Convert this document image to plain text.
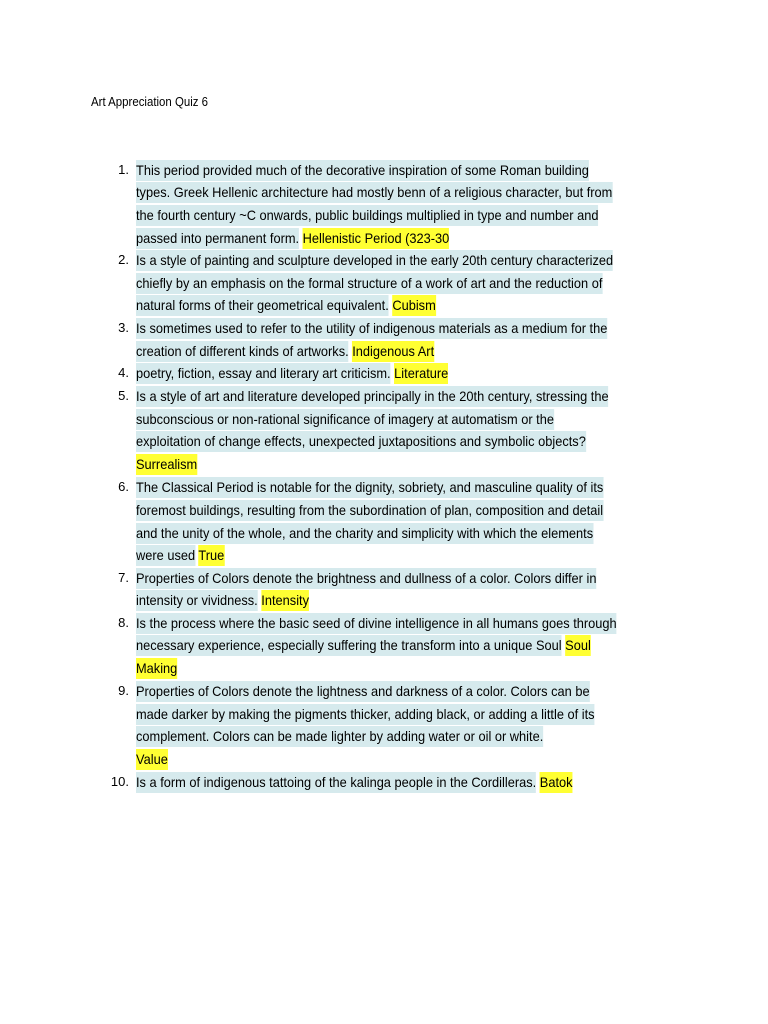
Art Appreciation Quiz 6
1. This period provided much of the decorative inspiration of some Roman building
types. Greek Hellenic architecture had mostly benn of a religious character, but from
the fourth century ~C onwards, public buildings multiplied in type and number and
passed into permanent form. Hellenistic Period (323-30
2. Is a style of painting and sculpture developed in the early 20th century characterized
chiefly by an emphasis on the formal structure of a work of art and the reduction of
natural forms of their geometrical equivalent. Cubism
3. Is sometimes used to refer to the utility of indigenous materials as a medium for the
creation of different kinds of artworks. Indigenous Art
4. poetry, fiction, essay and literary art criticism. Literature
5. Is a style of art and literature developed principally in the 20th century, stressing the
subconscious or non-rational significance of imagery at automatism or the
exploitation of change effects, unexpected juxtapositions and symbolic objects?
Surrealism
6. The Classical Period is notable for the dignity, sobriety, and masculine quality of its
foremost buildings, resulting from the subordination of plan, composition and detail
and the unity of the whole, and the charity and simplicity with which the elements
were used True
7. Properties of Colors denote the brightness and dullness of a color. Colors differ in
intensity or vividness. Intensity
8. Is the process where the basic seed of divine intelligence in all humans goes through
necessary experience, especially suffering the transform into a unique Soul Soul
Making
9. Properties of Colors denote the lightness and darkness of a color. Colors can be
made darker by making the pigments thicker, adding black, or adding a little of its
complement. Colors can be made lighter by adding water or oil or white.
Value
10. Is a form of indigenous tattoing of the kalinga people in the Cordilleras. Batok
